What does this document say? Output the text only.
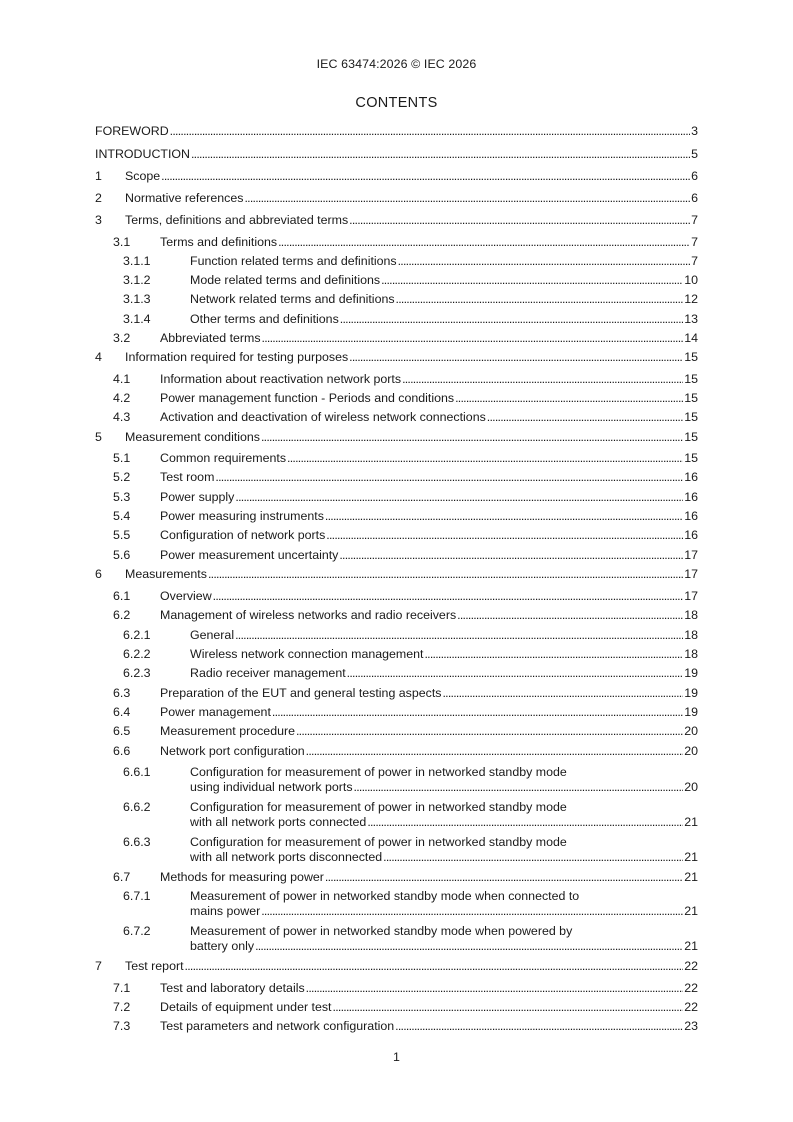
IEC 63474:2026 © IEC 2026
CONTENTS
FOREWORD . . .	3
INTRODUCTION . . .	5
1 Scope . . .	6
2 Normative references . . .	6
3 Terms, definitions and abbreviated terms . . .	7
3.1 Terms and definitions . . .	7
3.1.1	Function related terms and definitions . . .	7
3.1.2	Mode related terms and definitions . . .	10
3.1.3	Network related terms and definitions . . .	12
3.1.4	Other terms and definitions . . .	13
3.2 Abbreviated terms . . .	14
4 Information required for testing purposes . . .	15
4.1 Information about reactivation network ports . . .	15
4.2 Power management function - Periods and conditions . . .	15
4.3 Activation and deactivation of wireless network connections . . .	15
5 Measurement conditions . . .	15
5.1 Common requirements . . .	15
5.2 Test room . . .	16
5.3 Power supply . . .	16
5.4 Power measuring instruments . . .	16
5.5 Configuration of network ports . . .	16
5.6 Power measurement uncertainty . . .	17
6 Measurements . . .	17
6.1 Overview . . .	17
6.2 Management of wireless networks and radio receivers . . .	18
6.2.1	General . . .	18
6.2.2	Wireless network connection management . . .	18
6.2.3	Radio receiver management . . .	19
6.3 Preparation of the EUT and general testing aspects . . .	19
6.4 Power management . . .	19
6.5 Measurement procedure . . .	20
6.6 Network port configuration . . .	20
6.6.1	Configuration for measurement of power in networked standby mode
using individual network ports . . .	20
6.6.2	Configuration for measurement of power in networked standby mode
with all network ports connected . . .	21
6.6.3	Configuration for measurement of power in networked standby mode
with all network ports disconnected . . .	21
6.7 Methods for measuring power . . .	21
6.7.1	Measurement of power in networked standby mode when connected to
mains power . . .	21
6.7.2	Measurement of power in networked standby mode when powered by
battery only . . .	21
7 Test report . . .	22
7.1 Test and laboratory details . . .	22
7.2 Details of equipment under test . . .	22
7.3 Test parameters and network configuration . . .	23
1
